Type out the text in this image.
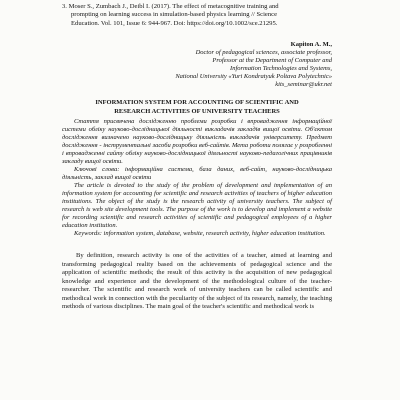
3. Moser S., Zumbach J., Deibl I. (2017). The effect of metacognitive training and
prompting on learning success in simulation-based physics learning // Science
Education. Vol. 101, Issue 6: 944-967. Doi: https://doi.org/10.1002/sce.21295.
Kapiton A. M.,
Doctor of pedagogical sciences, associate professor,
Professor at the Department of Computer and
Information Technologies and Systems,
National University «Yuri Kondratyuk Poltava Polytechnic»
kits_seminar@ukr.net
INFORMATION SYSTEM FOR ACCOUNTING OF SCIENTIFIC AND
RESEARCH ACTIVITIES OF UNIVERSITY TEACHERS

Стаття присвячена дослідженню проблеми розробки і впровадження інформаційної системи обліку науково-дослідницької діяльності викладачів закладів вищої освіти. Об'єктом дослідження визначено науково-дослідницьку діяльність викладачів університету. Предмет дослідження - інструментальні засоби розробки веб-сайтів. Мета роботи полягає у розробленні і впровадженні сайту обліку науково-дослідницької діяльності науково-педагогічних працівників закладу вищої освіти.

Ключові слова: інформаційна система, база даних, веб-сайт, науково-дослідницька діяльність, заклад вищої освіти

The article is devoted to the study of the problem of development and implementation of an information system for accounting for scientific and research activities of teachers of higher education institutions. The object of the study is the research activity of university teachers. The subject of research is web site development tools. The purpose of the work is to develop and implement a website for recording scientific and research activities of scientific and pedagogical employees of a higher education institution.

Keywords: information system, database, website, research activity, higher education institution.

By definition, research activity is one of the activities of a teacher, aimed at learning and transforming pedagogical reality based on the achievements of pedagogical science and the application of scientific methods; the result of this activity is the acquisition of new pedagogical knowledge and experience and the development of the methodological culture of the teacher-researcher. The scientific and research work of university teachers can be called scientific and methodical work in connection with the peculiarity of the subject of its research, namely, the teaching methods of various disciplines. The main goal of the teacher's scientific and methodical work is
